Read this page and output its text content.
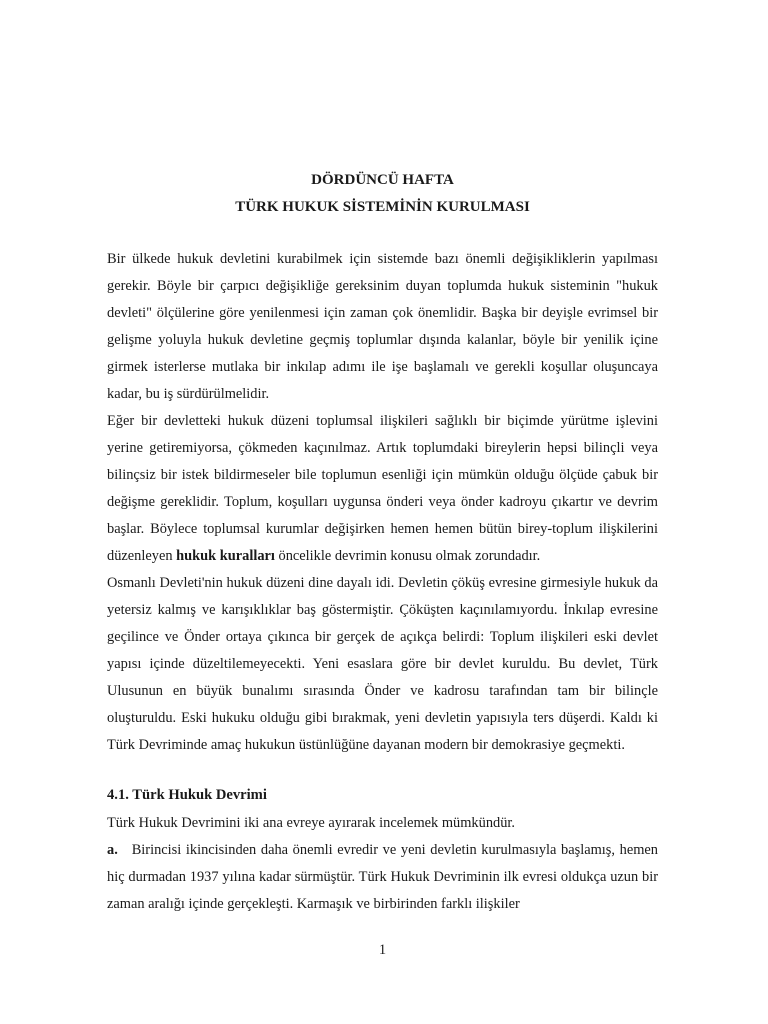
DÖRDÜNCÜ HAFTA
TÜRK HUKUK SİSTEMİNİN KURULMASI

Bir ülkede hukuk devletini kurabilmek için sistemde bazı önemli değişikliklerin yapılması gerekir. Böyle bir çarpıcı değişikliğe gereksinim duyan toplumda hukuk sisteminin "hukuk devleti" ölçülerine göre yenilenmesi için zaman çok önemlidir. Başka bir deyişle evrimsel bir gelişme yoluyla hukuk devletine geçmiş toplumlar dışında kalanlar, böyle bir yenilik içine girmek isterlerse mutlaka bir inkılap adımı ile işe başlamalı ve gerekli koşullar oluşuncaya kadar, bu iş sürdürülmelidir.

Eğer bir devletteki hukuk düzeni toplumsal ilişkileri sağlıklı bir biçimde yürütme işlevini yerine getiremiyorsa, çökmeden kaçınılmaz. Artık toplumdaki bireylerin hepsi bilinçli veya bilinçsiz bir istek bildirmeseler bile toplumun esenliği için mümkün olduğu ölçüde çabuk bir değişme gereklidir. Toplum, koşulları uygunsa önderi veya önder kadroyu çıkartır ve devrim başlar. Böylece toplumsal kurumlar değişirken hemen hemen bütün birey-toplum ilişkilerini düzenleyen hukuk kuralları öncelikle devrimin konusu olmak zorundadır.

Osmanlı Devleti'nin hukuk düzeni dine dayalı idi. Devletin çöküş evresine girmesiyle hukuk da yetersiz kalmış ve karışıklıklar baş göstermiştir. Çöküşten kaçınılamıyordu. İnkılap evresine geçilince ve Önder ortaya çıkınca bir gerçek de açıkça belirdi: Toplum ilişkileri eski devlet yapısı içinde düzeltilemeyecekti. Yeni esaslara göre bir devlet kuruldu. Bu devlet, Türk Ulusunun en büyük bunalımı sırasında Önder ve kadrosu tarafından tam bir bilinçle oluşturuldu. Eski hukuku olduğu gibi bırakmak, yeni devletin yapısıyla ters düşerdi. Kaldı ki Türk Devriminde amaç hukukun üstünlüğüne dayanan modern bir demokrasiye geçmekti.

4.1. Türk Hukuk Devrimi

Türk Hukuk Devrimini iki ana evreye ayırarak incelemek mümkündür.

a. Birincisi ikincisinden daha önemli evredir ve yeni devletin kurulmasıyla başlamış, hemen hiç durmadan 1937 yılına kadar sürmüştür. Türk Hukuk Devriminin ilk evresi oldukça uzun bir zaman aralığı içinde gerçekleşti. Karmaşık ve birbirinden farklı ilişkiler

1
